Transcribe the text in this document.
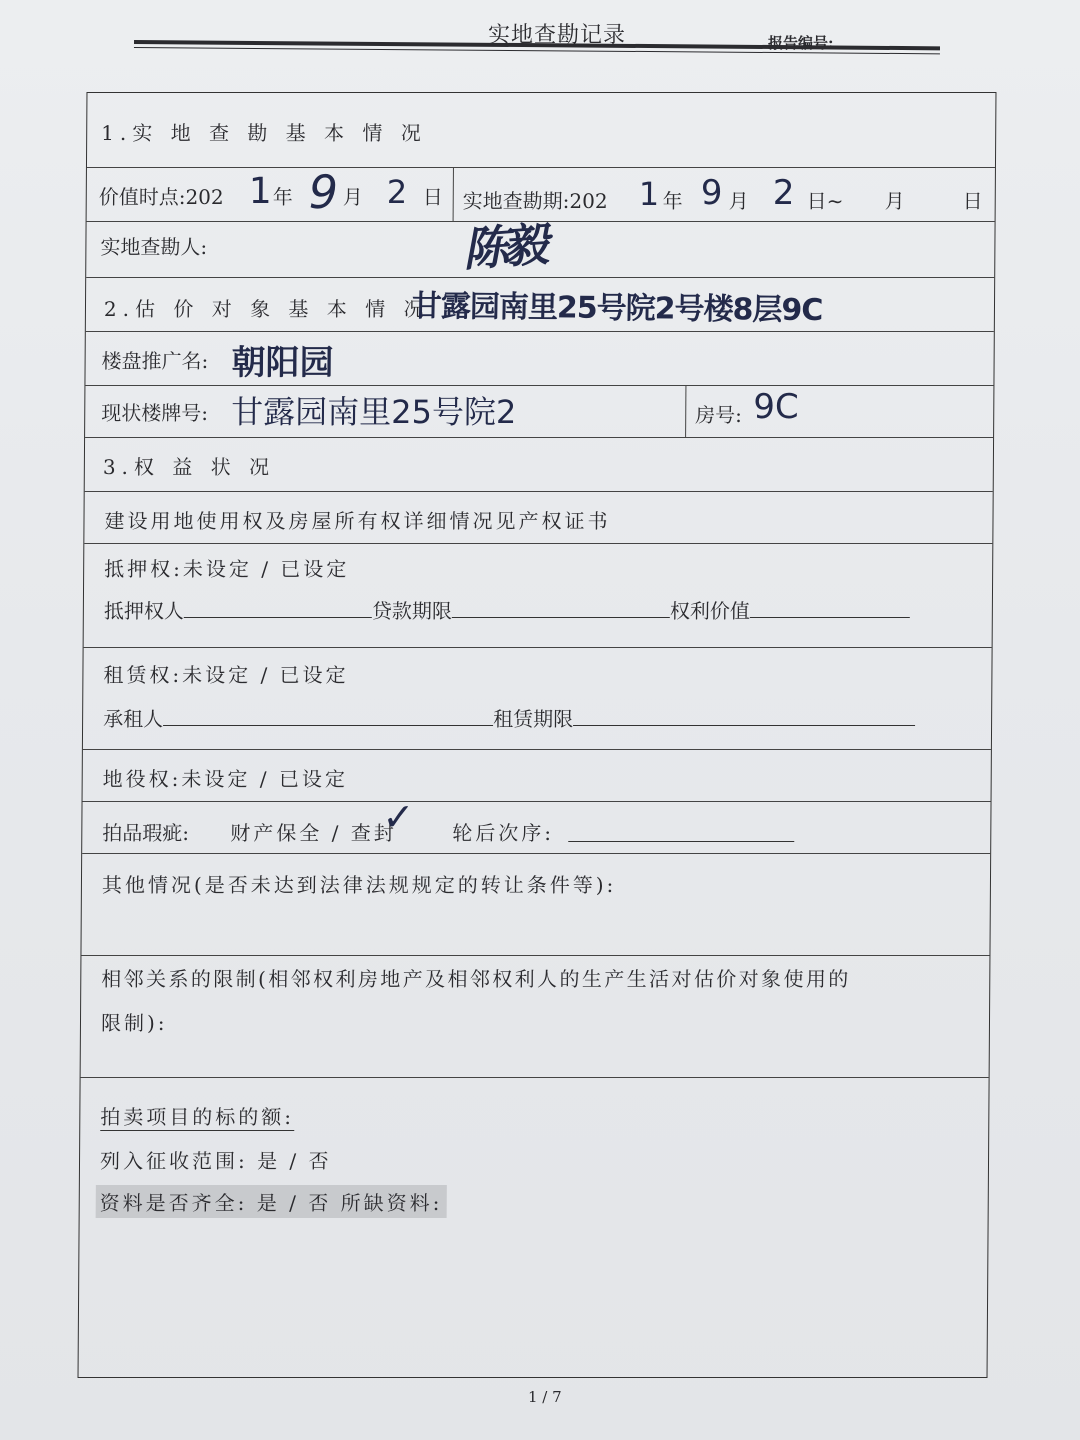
实地查勘记录	报告编号:
1.实 地 查 勘 基 本 情 况
价值时点:202 1 年 9 月 2 日 实地查勘期:202 1 年 9 月 2 日~ 月	日
实地查勘人:	陈毅
2.估 价 对 象 基 本 情 况
甘露园南里25号院2号楼8层9C
楼盘推广名: 朝阳园
现状楼牌号: 甘露园南里25号院2	房号: 9C
3.权 益 状 况
建设用地使用权及房屋所有权详细情况见产权证书
抵押权:未设定 / 已设定
抵押权人	贷款期限	权利价值
租赁权:未设定 / 已设定
承租人	租赁期限
地役权:未设定 / 已设定
拍品瑕疵: 财产保全 / 查封
✓ 轮后次序:
其他情况(是否未达到法律法规规定的转让条件等):
相邻关系的限制(相邻权利房地产及相邻权利人的生产生活对估价对象使用的
限制):
拍卖项目的标的额:
列入征收范围: 是 / 否
资料是否齐全: 是 / 否 所缺资料:
1 / 7
